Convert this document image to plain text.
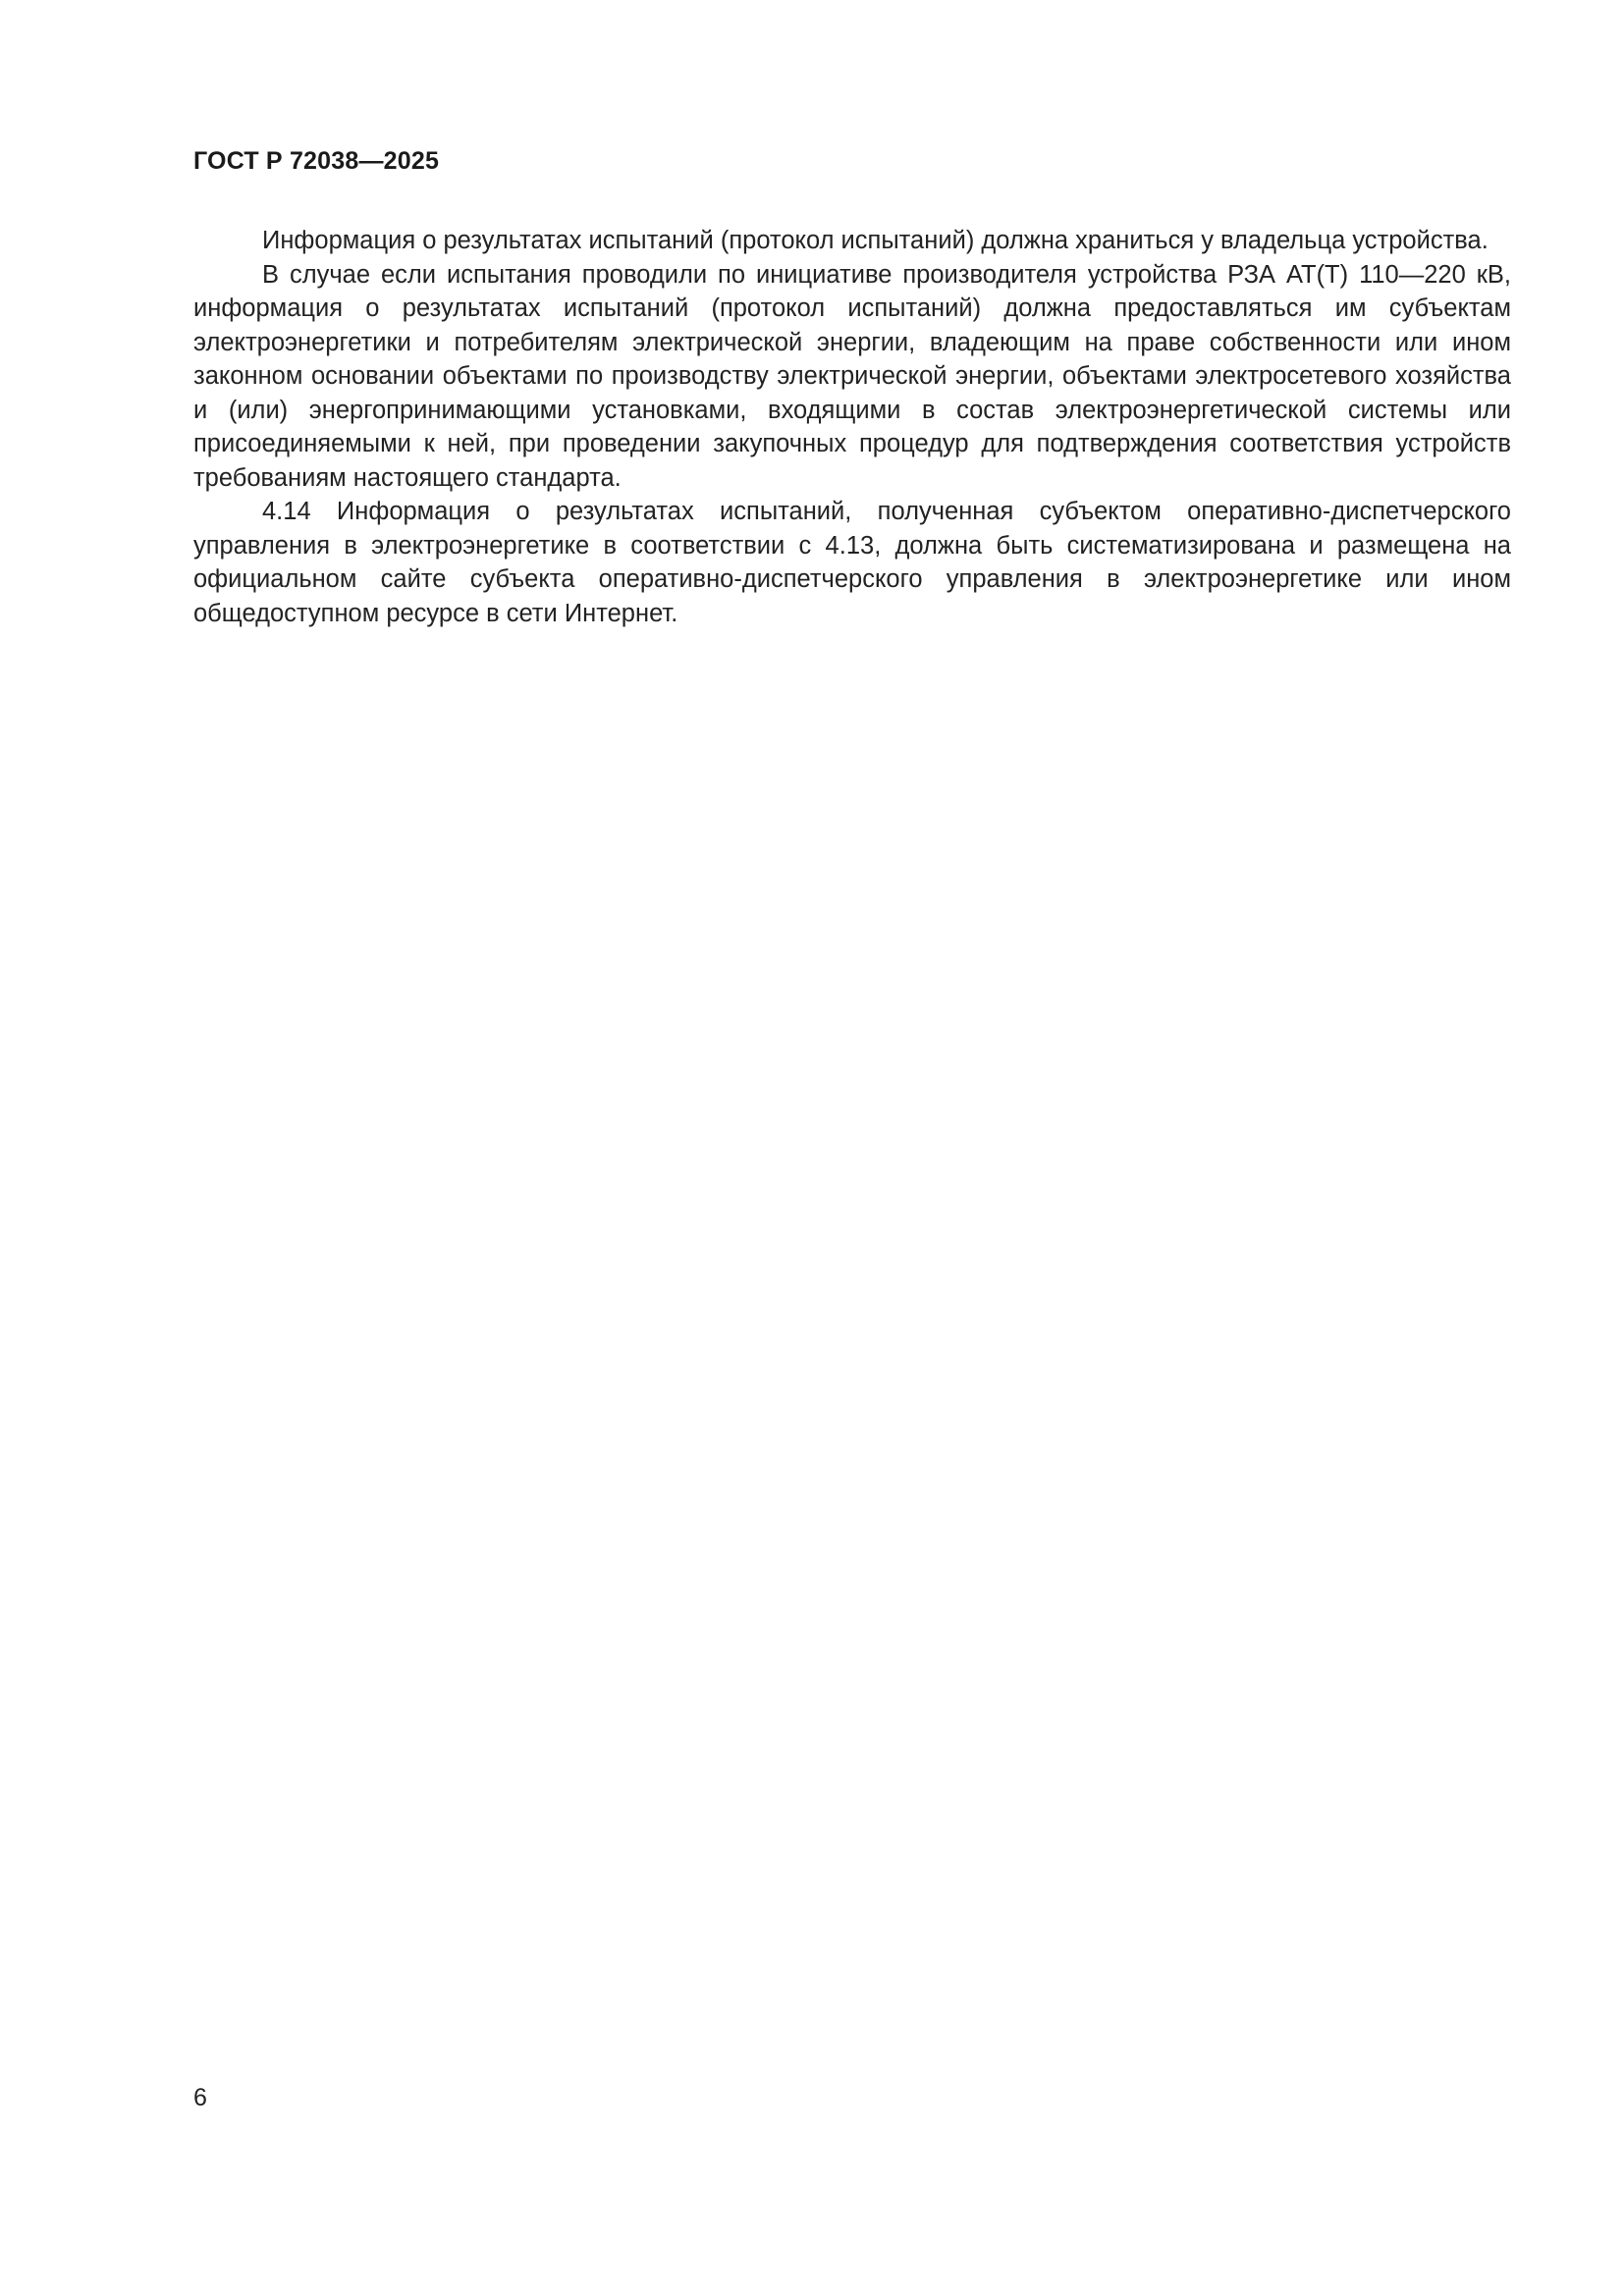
ГОСТ Р 72038—2025

Информация о результатах испытаний (протокол испытаний) должна храниться у владельца устройства.

В случае если испытания проводили по инициативе производителя устройства РЗА АТ(Т) 110—220 кВ, информация о результатах испытаний (протокол испытаний) должна предоставляться им субъектам электроэнергетики и потребителям электрической энергии, владеющим на праве собственности или ином законном основании объектами по производству электрической энергии, объектами электросетевого хозяйства и (или) энергопринимающими установками, входящими в состав электроэнергетической системы или присоединяемыми к ней, при проведении закупочных процедур для подтверждения соответствия устройств требованиям настоящего стандарта.

4.14 Информация о результатах испытаний, полученная субъектом оперативно-диспетчерского управления в электроэнергетике в соответствии с 4.13, должна быть систематизирована и размещена на официальном сайте субъекта оперативно-диспетчерского управления в электроэнергетике или ином общедоступном ресурсе в сети Интернет.

6
